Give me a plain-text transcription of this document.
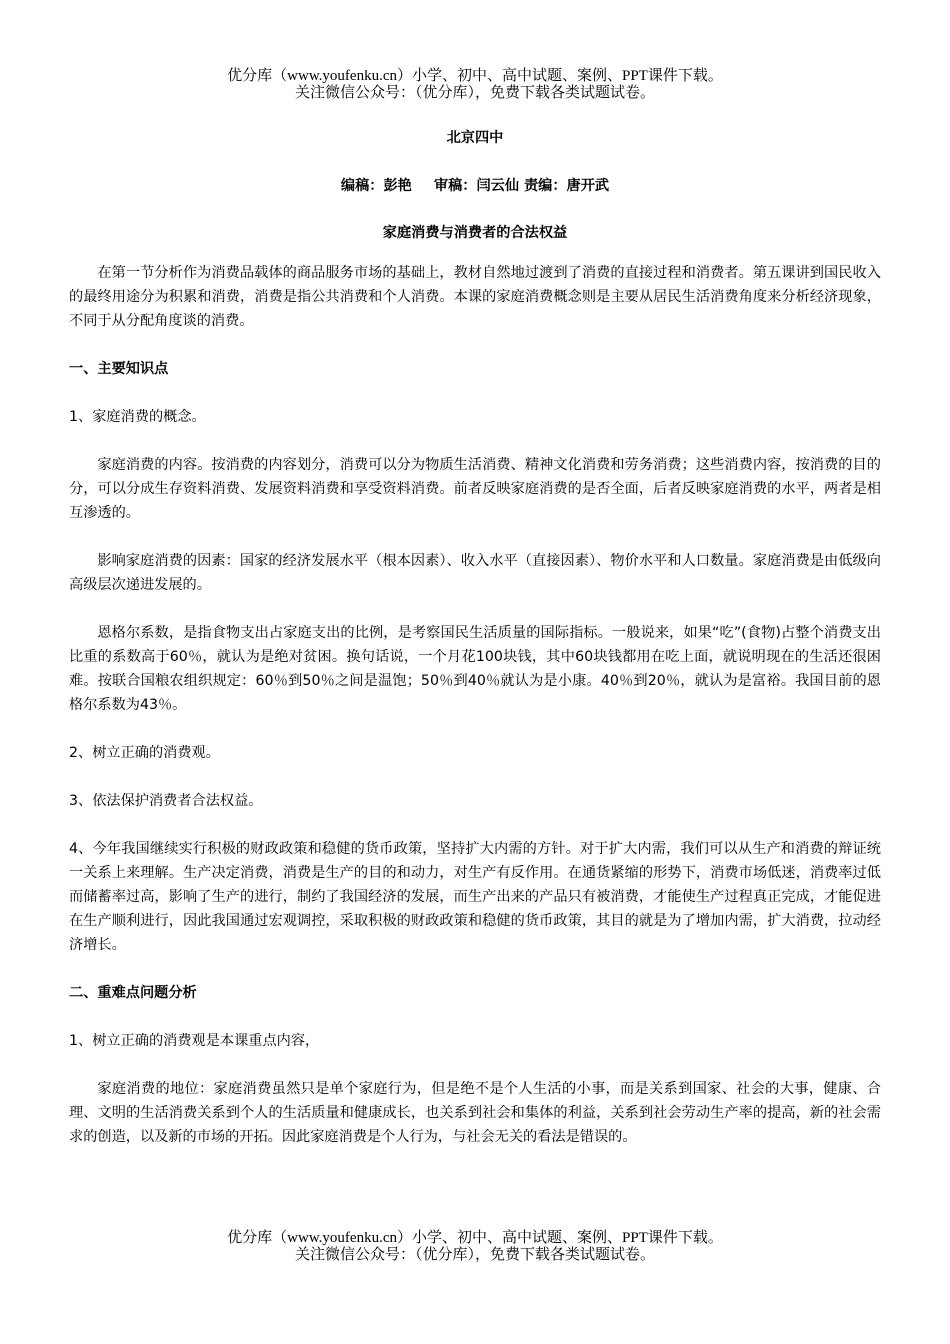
优分库（www.youfenku.cn）小学、初中、高中试题、案例、PPT课件下载。
关注微信公众号：（优分库），免费下载各类试题试卷。

北京四中

编稿：彭艳 审稿：闫云仙 责编：唐开武

家庭消费与消费者的合法权益

在第一节分析作为消费品载体的商品服务市场的基础上，教材自然地过渡到了消费的直接过程和消费者。第五课讲到国民收入的最终用途分为积累和消费，消费是指公共消费和个人消费。本课的家庭消费概念则是主要从居民生活消费角度来分析经济现象，不同于从分配角度谈的消费。

一、主要知识点

1、家庭消费的概念。

家庭消费的内容。按消费的内容划分，消费可以分为物质生活消费、精神文化消费和劳务消费；这些消费内容，按消费的目的分，可以分成生存资料消费、发展资料消费和享受资料消费。前者反映家庭消费的是否全面，后者反映家庭消费的水平，两者是相互渗透的。

影响家庭消费的因素：国家的经济发展水平（根本因素）、收入水平（直接因素）、物价水平和人口数量。家庭消费是由低级向高级层次递进发展的。

恩格尔系数，是指食物支出占家庭支出的比例，是考察国民生活质量的国际指标。一般说来，如果“吃”(食物)占整个消费支出比重的系数高于60％，就认为是绝对贫困。换句话说，一个月花100块钱，其中60块钱都用在吃上面，就说明现在的生活还很困难。按联合国粮农组织规定：60％到50％之间是温饱；50％到40％就认为是小康。40％到20％，就认为是富裕。我国目前的恩格尔系数为43％。

2、树立正确的消费观。

3、依法保护消费者合法权益。

4、今年我国继续实行积极的财政政策和稳健的货币政策，坚持扩大内需的方针。对于扩大内需，我们可以从生产和消费的辩证统一关系上来理解。生产决定消费，消费是生产的目的和动力，对生产有反作用。在通货紧缩的形势下，消费市场低迷，消费率过低而储蓄率过高，影响了生产的进行，制约了我国经济的发展，而生产出来的产品只有被消费，才能使生产过程真正完成，才能促进在生产顺利进行，因此我国通过宏观调控，采取积极的财政政策和稳健的货币政策，其目的就是为了增加内需，扩大消费，拉动经济增长。

二、重难点问题分析

1、树立正确的消费观是本课重点内容，

家庭消费的地位：家庭消费虽然只是单个家庭行为，但是绝不是个人生活的小事，而是关系到国家、社会的大事，健康、合理、文明的生活消费关系到个人的生活质量和健康成长，也关系到社会和集体的利益，关系到社会劳动生产率的提高，新的社会需求的创造，以及新的市场的开拓。因此家庭消费是个人行为，与社会无关的看法是错误的。

优分库（www.youfenku.cn）小学、初中、高中试题、案例、PPT课件下载。
关注微信公众号：（优分库），免费下载各类试题试卷。
